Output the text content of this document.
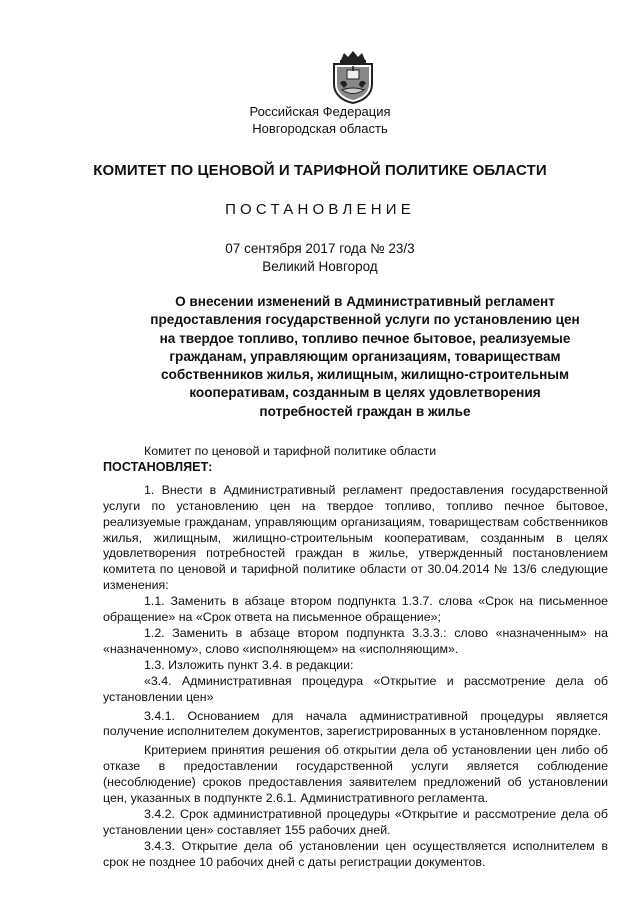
Российская Федерация
Новгородская область
КОМИТЕТ ПО ЦЕНОВОЙ И ТАРИФНОЙ ПОЛИТИКЕ ОБЛАСТИ
ПОСТАНОВЛЕНИЕ
07 сентября 2017 года № 23/3
Великий Новгород
О внесении изменений в Административный регламент
предоставления государственной услуги по установлению цен
на твердое топливо, топливо печное бытовое, реализуемые
гражданам, управляющим организациям, товариществам
собственников жилья, жилищным, жилищно-строительным
кооперативам, созданным в целях удовлетворения
потребностей граждан в жилье

Комитет по ценовой и тарифной политике области

ПОСТАНОВЛЯЕТ:

1. Внести в Административный регламент предоставления государственной услуги по установлению цен на твердое топливо, топливо печное бытовое, реализуемые гражданам, управляющим организациям, товариществам собственников жилья, жилищным, жилищно-строительным кооперативам, созданным в целях удовлетворения потребностей граждан в жилье, утвержденный постановлением комитета по ценовой и тарифной политике области от 30.04.2014 № 13/6 следующие изменения:

1.1. Заменить в абзаце втором подпункта 1.3.7. слова «Срок на письменное обращение» на «Срок ответа на письменное обращение»;

1.2. Заменить в абзаце втором подпункта 3.3.3.: слово «назначенным» на «назначенному», слово «исполняющем» на «исполняющим».

1.3. Изложить пункт 3.4. в редакции:

«3.4. Административная процедура «Открытие и рассмотрение дела об установлении цен»

3.4.1. Основанием для начала административной процедуры является получение исполнителем документов, зарегистрированных в установленном порядке.

Критерием принятия решения об открытии дела об установлении цен либо об отказе в предоставлении государственной услуги является соблюдение (несоблюдение) сроков предоставления заявителем предложений об установлении цен, указанных в подпункте 2.6.1. Административного регламента.

3.4.2. Срок административной процедуры «Открытие и рассмотрение дела об установлении цен» составляет 155 рабочих дней.

3.4.3. Открытие дела об установлении цен осуществляется исполнителем в срок не позднее 10 рабочих дней с даты регистрации документов.
